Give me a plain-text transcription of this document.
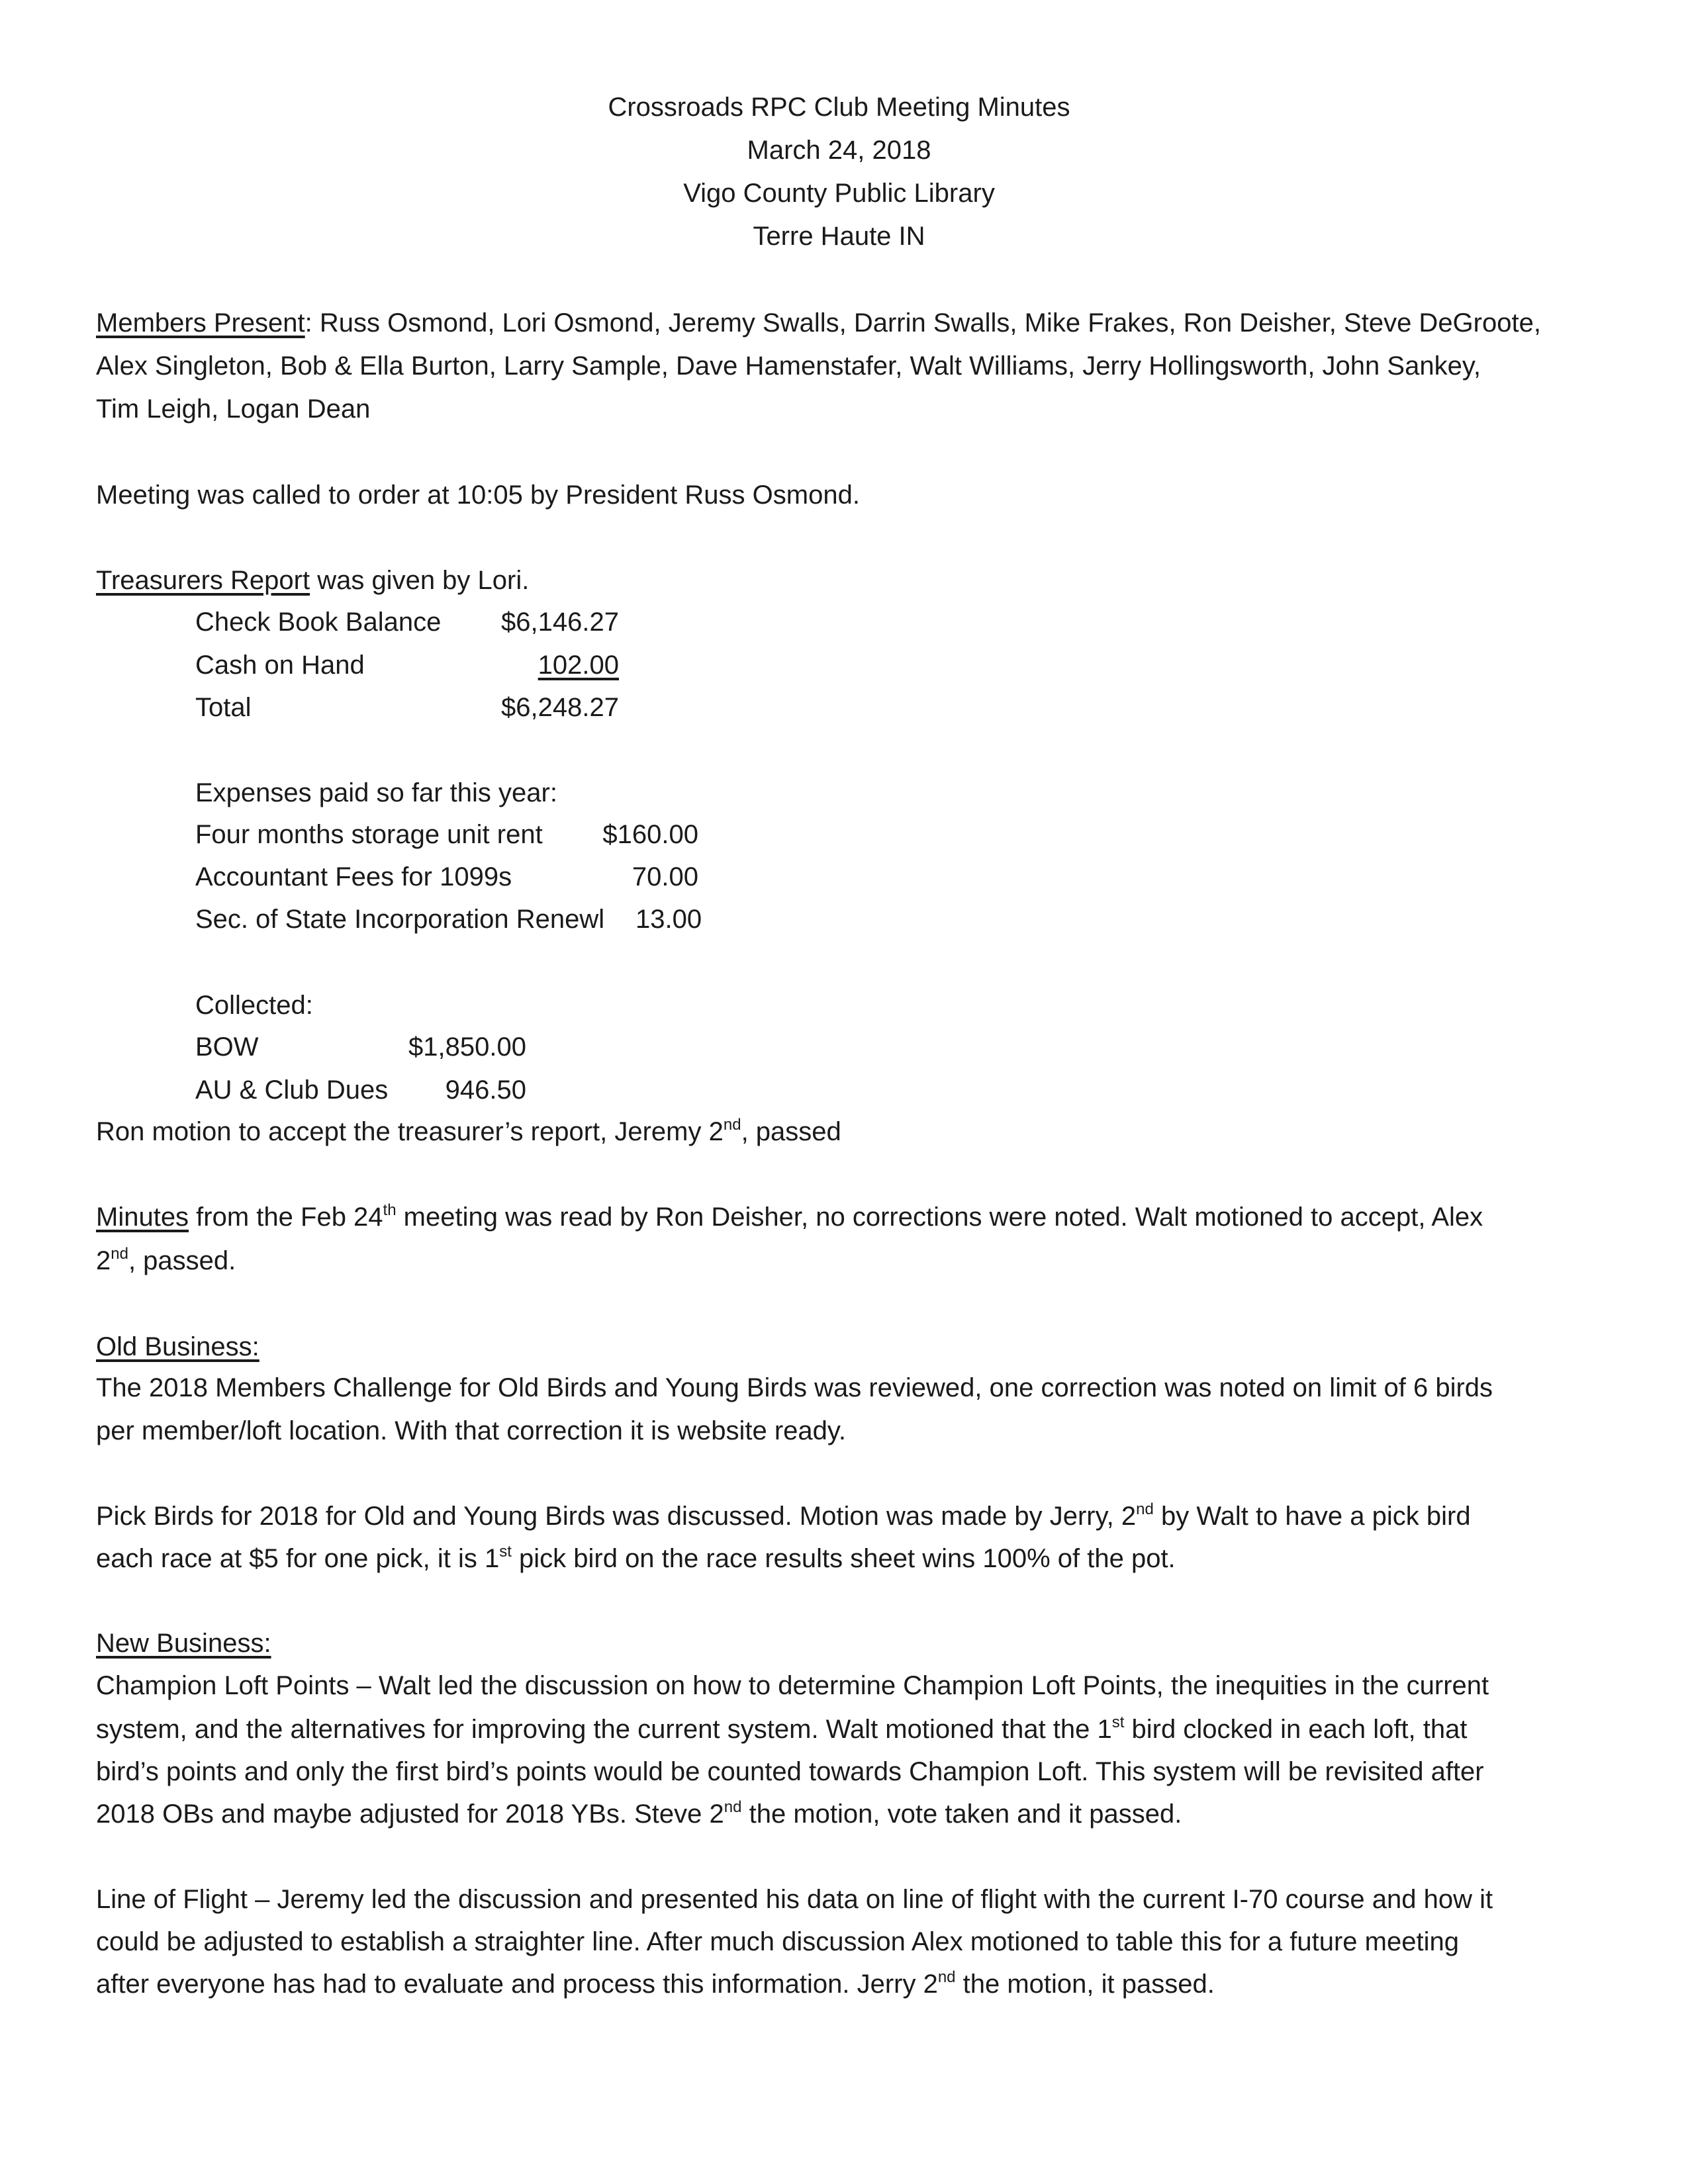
Crossroads RPC Club Meeting Minutes
March 24, 2018
Vigo County Public Library
Terre Haute IN
Members Present: Russ Osmond, Lori Osmond, Jeremy Swalls, Darrin Swalls, Mike Frakes, Ron Deisher, Steve DeGroote,
Alex Singleton, Bob & Ella Burton, Larry Sample, Dave Hamenstafer, Walt Williams, Jerry Hollingsworth, John Sankey,
Tim Leigh, Logan Dean
Meeting was called to order at 10:05 by President Russ Osmond.
Treasurers Report was given by Lori.
Check Book Balance	$6,146.27
Cash on Hand	102.00
Total	$6,248.27
Expenses paid so far this year:
Four months storage unit rent	$160.00
Accountant Fees for 1099s	70.00
Sec. of State Incorporation Renewl 13.00
Collected:
BOW	$1,850.00
AU & Club Dues	946.50
Ron motion to accept the treasurer’s report, Jeremy 2nd, passed
Minutes from the Feb 24th meeting was read by Ron Deisher, no corrections were noted. Walt motioned to accept, Alex
2nd, passed.
Old Business:
The 2018 Members Challenge for Old Birds and Young Birds was reviewed, one correction was noted on limit of 6 birds
per member/loft location. With that correction it is website ready.
Pick Birds for 2018 for Old and Young Birds was discussed. Motion was made by Jerry, 2nd by Walt to have a pick bird
each race at $5 for one pick, it is 1st pick bird on the race results sheet wins 100% of the pot.
New Business:
Champion Loft Points – Walt led the discussion on how to determine Champion Loft Points, the inequities in the current
system, and the alternatives for improving the current system. Walt motioned that the 1st bird clocked in each loft, that
bird’s points and only the first bird’s points would be counted towards Champion Loft. This system will be revisited after
2018 OBs and maybe adjusted for 2018 YBs. Steve 2nd the motion, vote taken and it passed.
Line of Flight – Jeremy led the discussion and presented his data on line of flight with the current I-70 course and how it
could be adjusted to establish a straighter line. After much discussion Alex motioned to table this for a future meeting
after everyone has had to evaluate and process this information. Jerry 2nd the motion, it passed.
